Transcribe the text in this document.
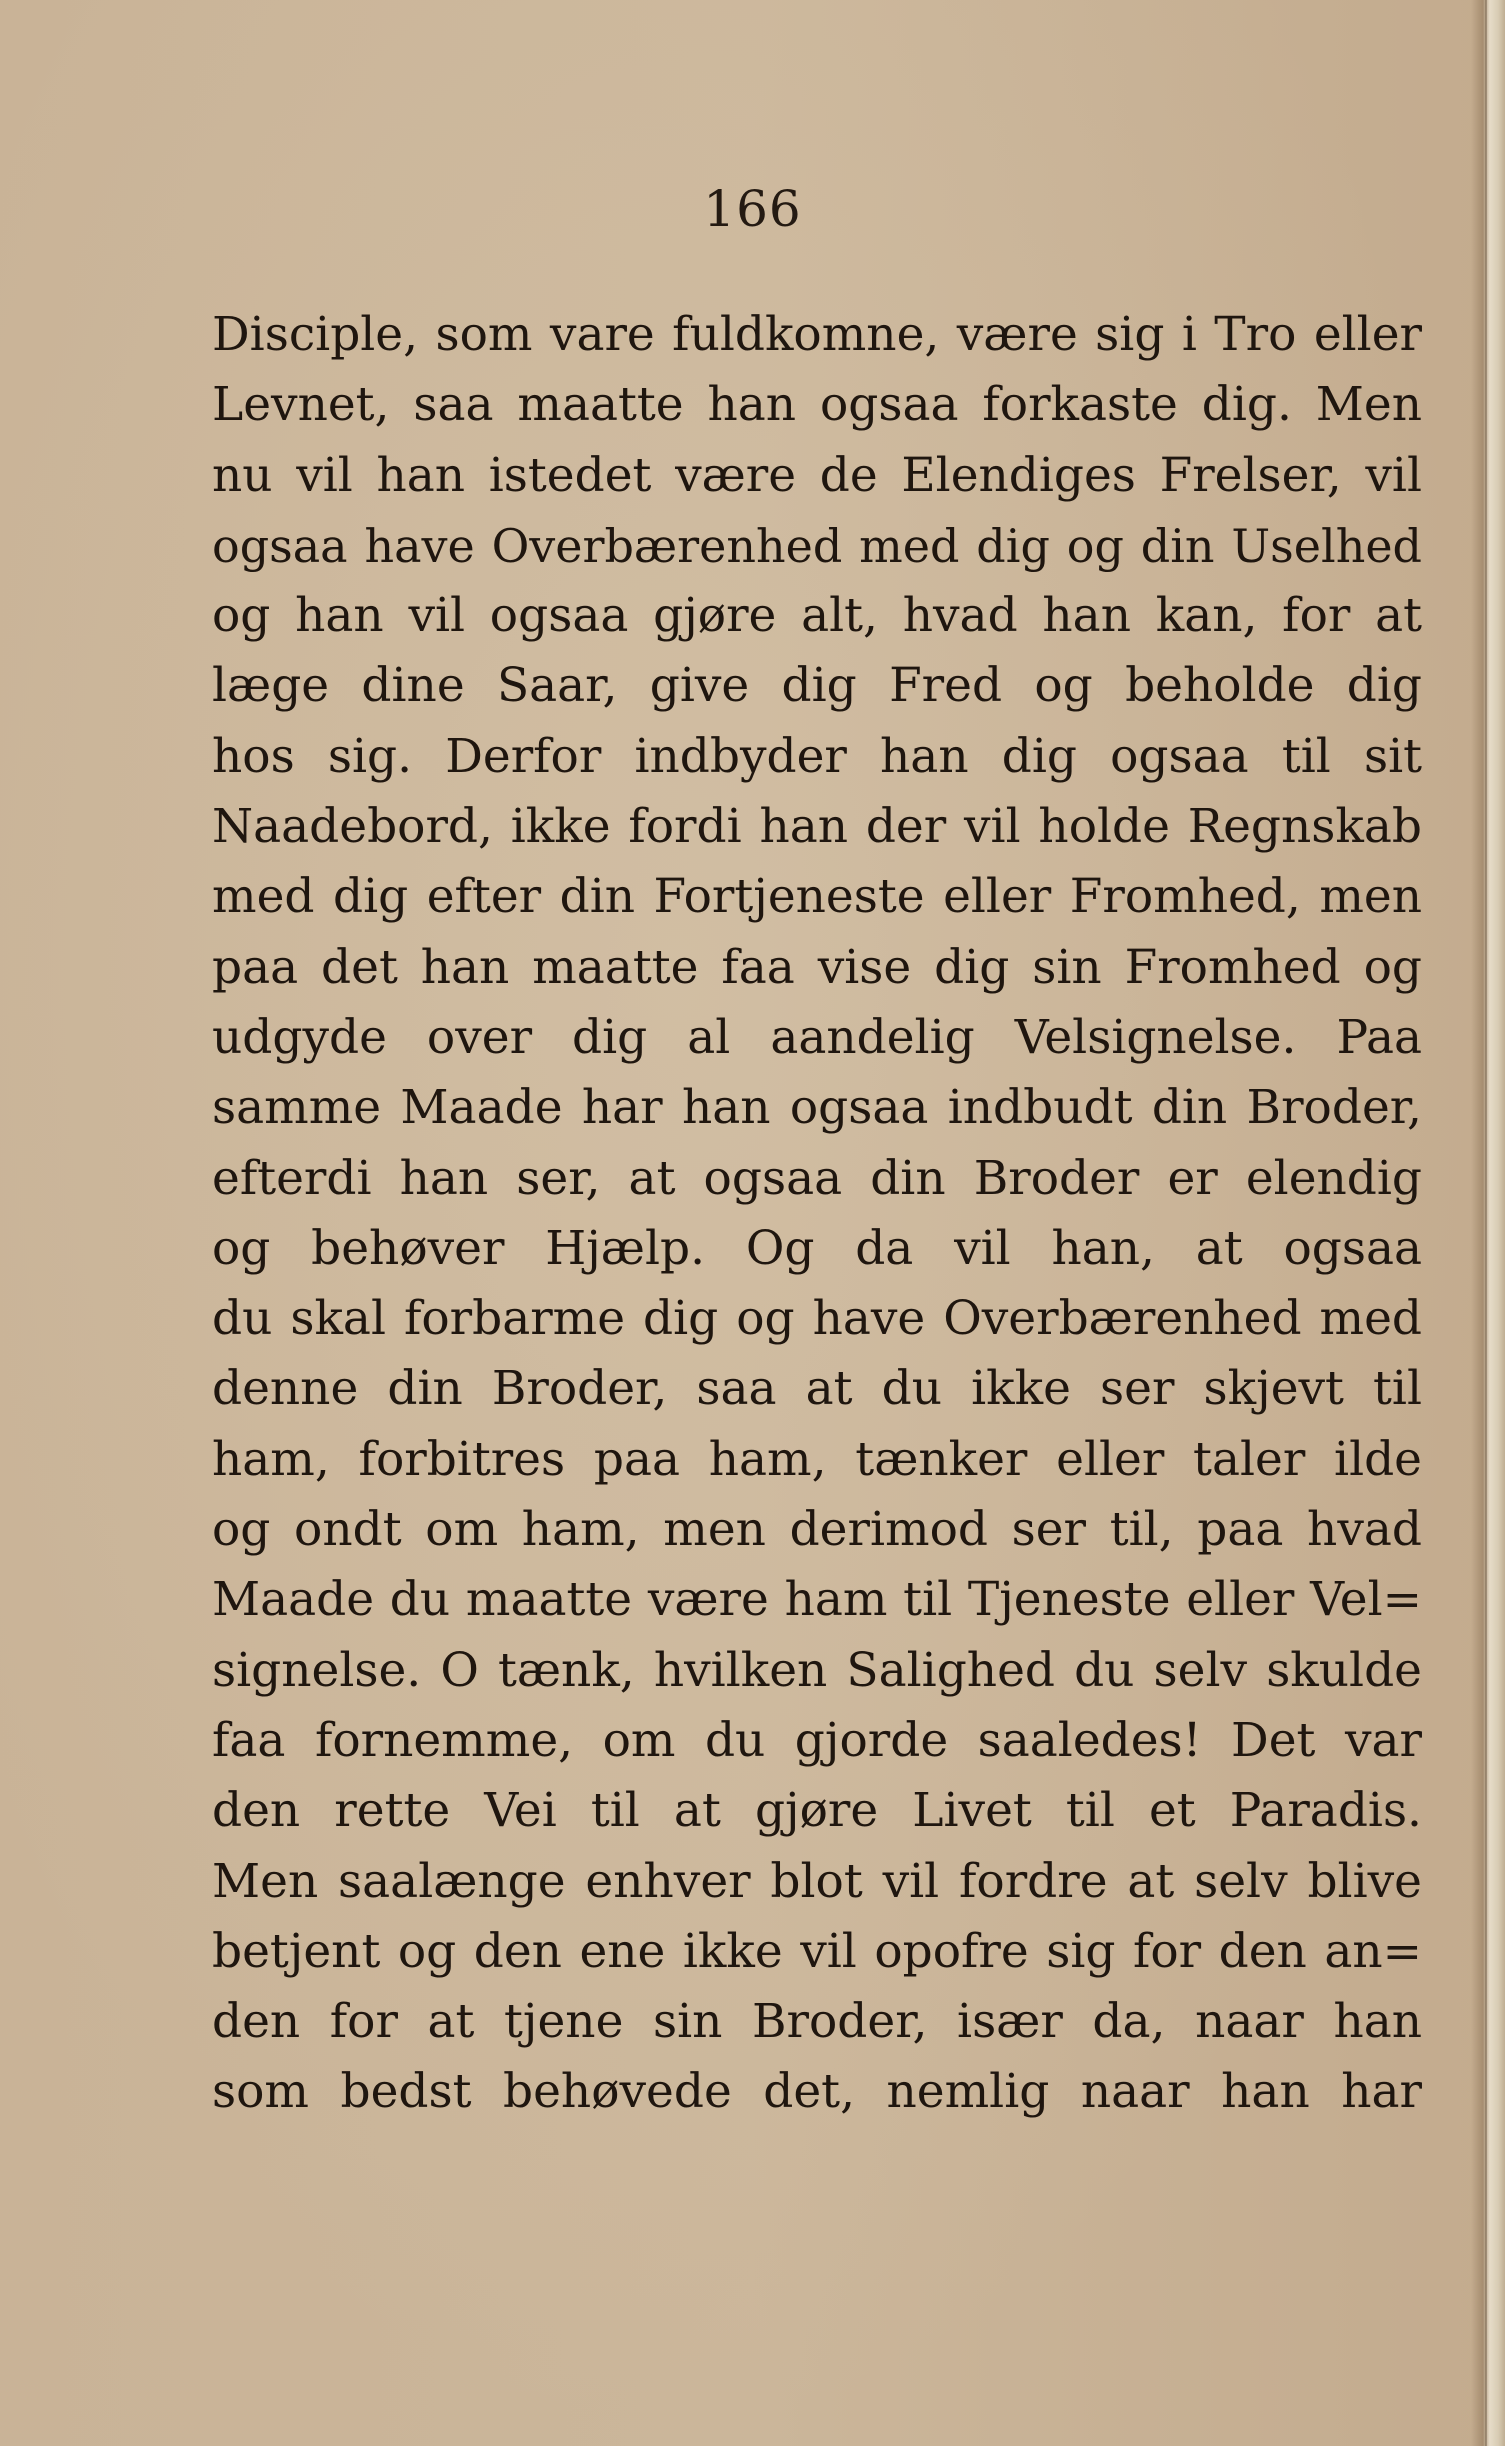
166
Disciple, som vare fuldkomne, være sig i Tro eller
Levnet, saa maatte han ogsaa forkaste dig. Men
nu vil han istedet være de Elendiges Frelser, vil
ogsaa have Overbærenhed med dig og din Uselhed
og han vil ogsaa gjøre alt, hvad han kan, for at
læge dine Saar, give dig Fred og beholde dig
hos sig. Derfor indbyder han dig ogsaa til sit
Naadebord, ikke fordi han der vil holde Regnskab
med dig efter din Fortjeneste eller Fromhed, men
paa det han maatte faa vise dig sin Fromhed og
udgyde over dig al aandelig Velsignelse. Paa
samme Maade har han ogsaa indbudt din Broder,
efterdi han ser, at ogsaa din Broder er elendig
og behøver Hjælp. Og da vil han, at ogsaa
du skal forbarme dig og have Overbærenhed med
denne din Broder, saa at du ikke ser skjevt til
ham, forbitres paa ham, tænker eller taler ilde
og ondt om ham, men derimod ser til, paa hvad
Maade du maatte være ham til Tjeneste eller Vel=
signelse. O tænk, hvilken Salighed du selv skulde
faa fornemme, om du gjorde saaledes! Det var
den rette Vei til at gjøre Livet til et Paradis.
Men saalænge enhver blot vil fordre at selv blive
betjent og den ene ikke vil opofre sig for den an=
den for at tjene sin Broder, især da, naar han
som bedst behøvede det, nemlig naar han har
